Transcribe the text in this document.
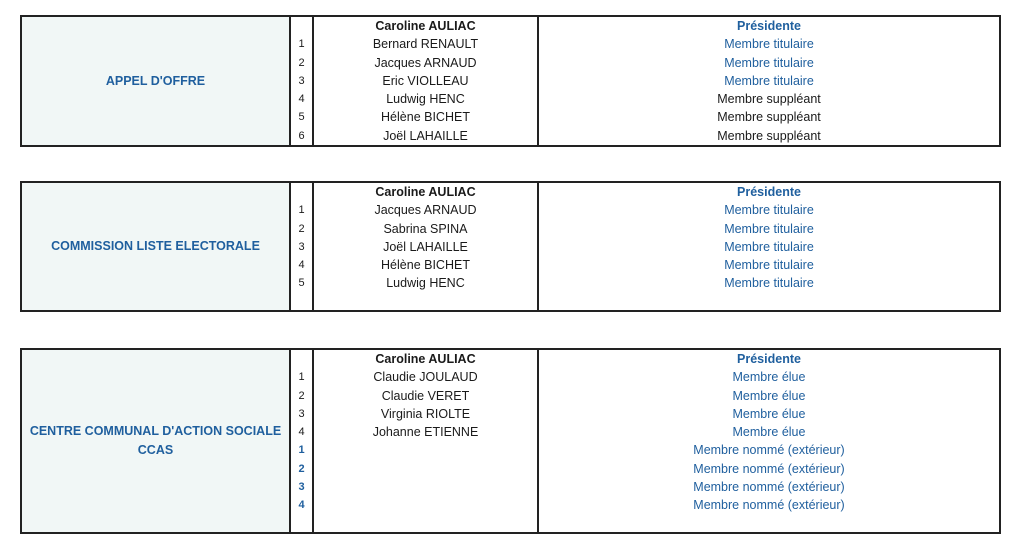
APPEL D'OFFRE
1
2
3
4
5
6
Caroline AULIAC
Bernard RENAULT
Jacques ARNAUD
Eric VIOLLEAU
Ludwig HENC
Hélène BICHET
Joël LAHAILLE
Présidente
Membre titulaire
Membre titulaire
Membre titulaire
Membre suppléant
Membre suppléant
Membre suppléant
COMMISSION LISTE ELECTORALE
1
2
3
4
5
Caroline AULIAC
Jacques ARNAUD
Sabrina SPINA
Joël LAHAILLE
Hélène BICHET
Ludwig HENC
Présidente
Membre titulaire
Membre titulaire
Membre titulaire
Membre titulaire
Membre titulaire
CENTRE COMMUNAL D'ACTION SOCIALE
CCAS
1
2
3
4
1
2
3
4
Caroline AULIAC
Claudie JOULAUD
Claudie VERET
Virginia RIOLTE
Johanne ETIENNE
Présidente
Membre élue
Membre élue
Membre élue
Membre élue
Membre nommé (extérieur)
Membre nommé (extérieur)
Membre nommé (extérieur)
Membre nommé (extérieur)
